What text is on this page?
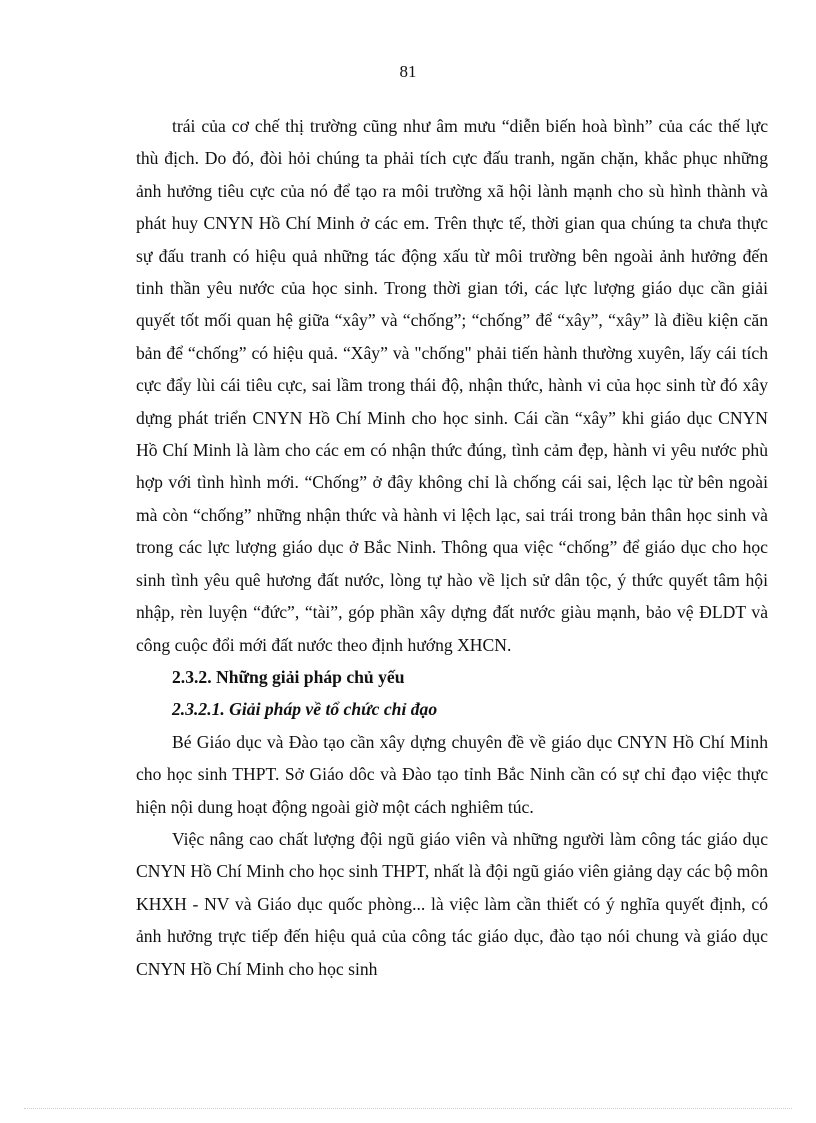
81

trái của cơ chế thị trường cũng như âm mưu “diễn biến hoà bình” của các thế lực thù địch. Do đó, đòi hỏi chúng ta phải tích cực đấu tranh, ngăn chặn, khắc phục những ảnh hưởng tiêu cực của nó để tạo ra môi trường xã hội lành mạnh cho sù hình thành và phát huy CNYN Hồ Chí Minh ở các em. Trên thực tế, thời gian qua chúng ta chưa thực sự đấu tranh có hiệu quả những tác động xấu từ môi trường bên ngoài ảnh hưởng đến tinh thần yêu nước của học sinh. Trong thời gian tới, các lực lượng giáo dục cần giải quyết tốt mối quan hệ giữa “xây” và “chống”; “chống” để “xây”, “xây” là điều kiện căn bản để “chống” có hiệu quả. “Xây” và "chống" phải tiến hành thường xuyên, lấy cái tích cực đẩy lùi cái tiêu cực, sai lầm trong thái độ, nhận thức, hành vi của học sinh từ đó xây dựng phát triển CNYN Hồ Chí Minh cho học sinh. Cái cần “xây” khi giáo dục CNYN Hồ Chí Minh là làm cho các em có nhận thức đúng, tình cảm đẹp, hành vi yêu nước phù hợp với tình hình mới. “Chống” ở đây không chỉ là chống cái sai, lệch lạc từ bên ngoài mà còn “chống” những nhận thức và hành vi lệch lạc, sai trái trong bản thân học sinh và trong các lực lượng giáo dục ở Bắc Ninh. Thông qua việc “chống” để giáo dục cho học sinh tình yêu quê hương đất nước, lòng tự hào về lịch sử dân tộc, ý thức quyết tâm hội nhập, rèn luyện “đức”, “tài”, góp phần xây dựng đất nước giàu mạnh, bảo vệ ĐLDT và công cuộc đổi mới đất nước theo định hướng XHCN.

2.3.2. Những giải pháp chủ yếu

2.3.2.1. Giải pháp về tổ chức chỉ đạo

Bé Giáo dục và Đào tạo cần xây dựng chuyên đề về giáo dục CNYN Hồ Chí Minh cho học sinh THPT. Sở Giáo dôc và Đào tạo tỉnh Bắc Ninh cần có sự chỉ đạo việc thực hiện nội dung hoạt động ngoài giờ một cách nghiêm túc.

Việc nâng cao chất lượng đội ngũ giáo viên và những người làm công tác giáo dục CNYN Hồ Chí Minh cho học sinh THPT, nhất là đội ngũ giáo viên giảng dạy các bộ môn KHXH - NV và Giáo dục quốc phòng... là việc làm cần thiết có ý nghĩa quyết định, có ảnh hưởng trực tiếp đến hiệu quả của công tác giáo dục, đào tạo nói chung và giáo dục CNYN Hồ Chí Minh cho học sinh
